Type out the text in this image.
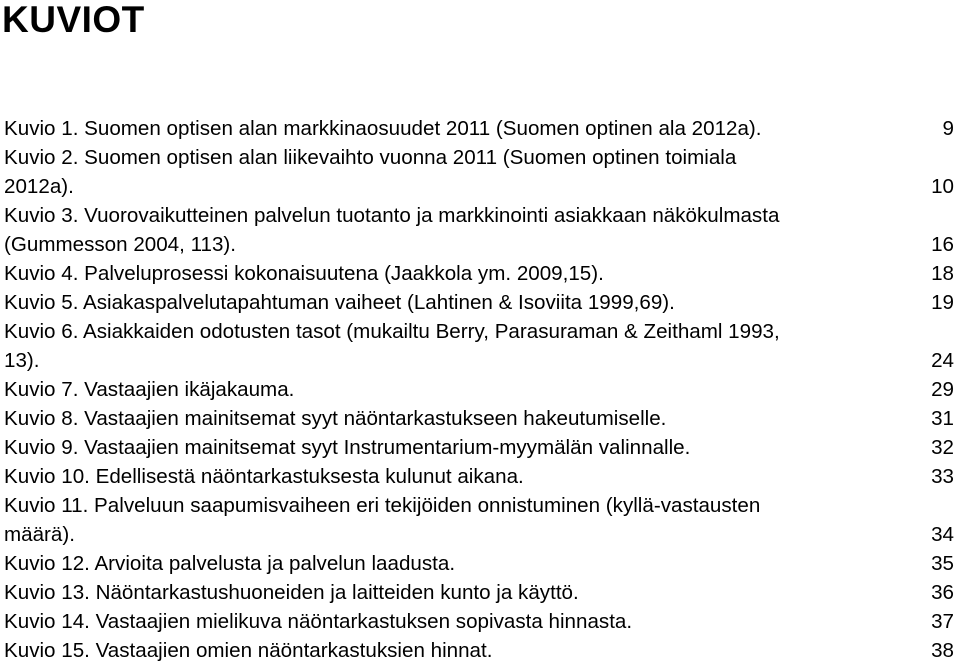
KUVIOT
Kuvio 1. Suomen optisen alan markkinaosuudet 2011 (Suomen optinen ala 2012a).	9
Kuvio 2. Suomen optisen alan liikevaihto vuonna 2011 (Suomen optinen toimiala
2012a).	10
Kuvio 3. Vuorovaikutteinen palvelun tuotanto ja markkinointi asiakkaan näkökulmasta
(Gummesson 2004, 113).	16
Kuvio 4. Palveluprosessi kokonaisuutena (Jaakkola ym. 2009,15).	18
Kuvio 5. Asiakaspalvelutapahtuman vaiheet (Lahtinen & Isoviita 1999,69).	19
Kuvio 6. Asiakkaiden odotusten tasot (mukailtu Berry, Parasuraman & Zeithaml 1993,
13).	24
Kuvio 7. Vastaajien ikäjakauma.	29
Kuvio 8. Vastaajien mainitsemat syyt näöntarkastukseen hakeutumiselle.	31
Kuvio 9. Vastaajien mainitsemat syyt Instrumentarium-myymälän valinnalle.	32
Kuvio 10. Edellisestä näöntarkastuksesta kulunut aikana.	33
Kuvio 11. Palveluun saapumisvaiheen eri tekijöiden onnistuminen (kyllä-vastausten
määrä).	34
Kuvio 12. Arvioita palvelusta ja palvelun laadusta.	35
Kuvio 13. Näöntarkastushuoneiden ja laitteiden kunto ja käyttö.	36
Kuvio 14. Vastaajien mielikuva näöntarkastuksen sopivasta hinnasta.	37
Kuvio 15. Vastaajien omien näöntarkastuksien hinnat.	38
